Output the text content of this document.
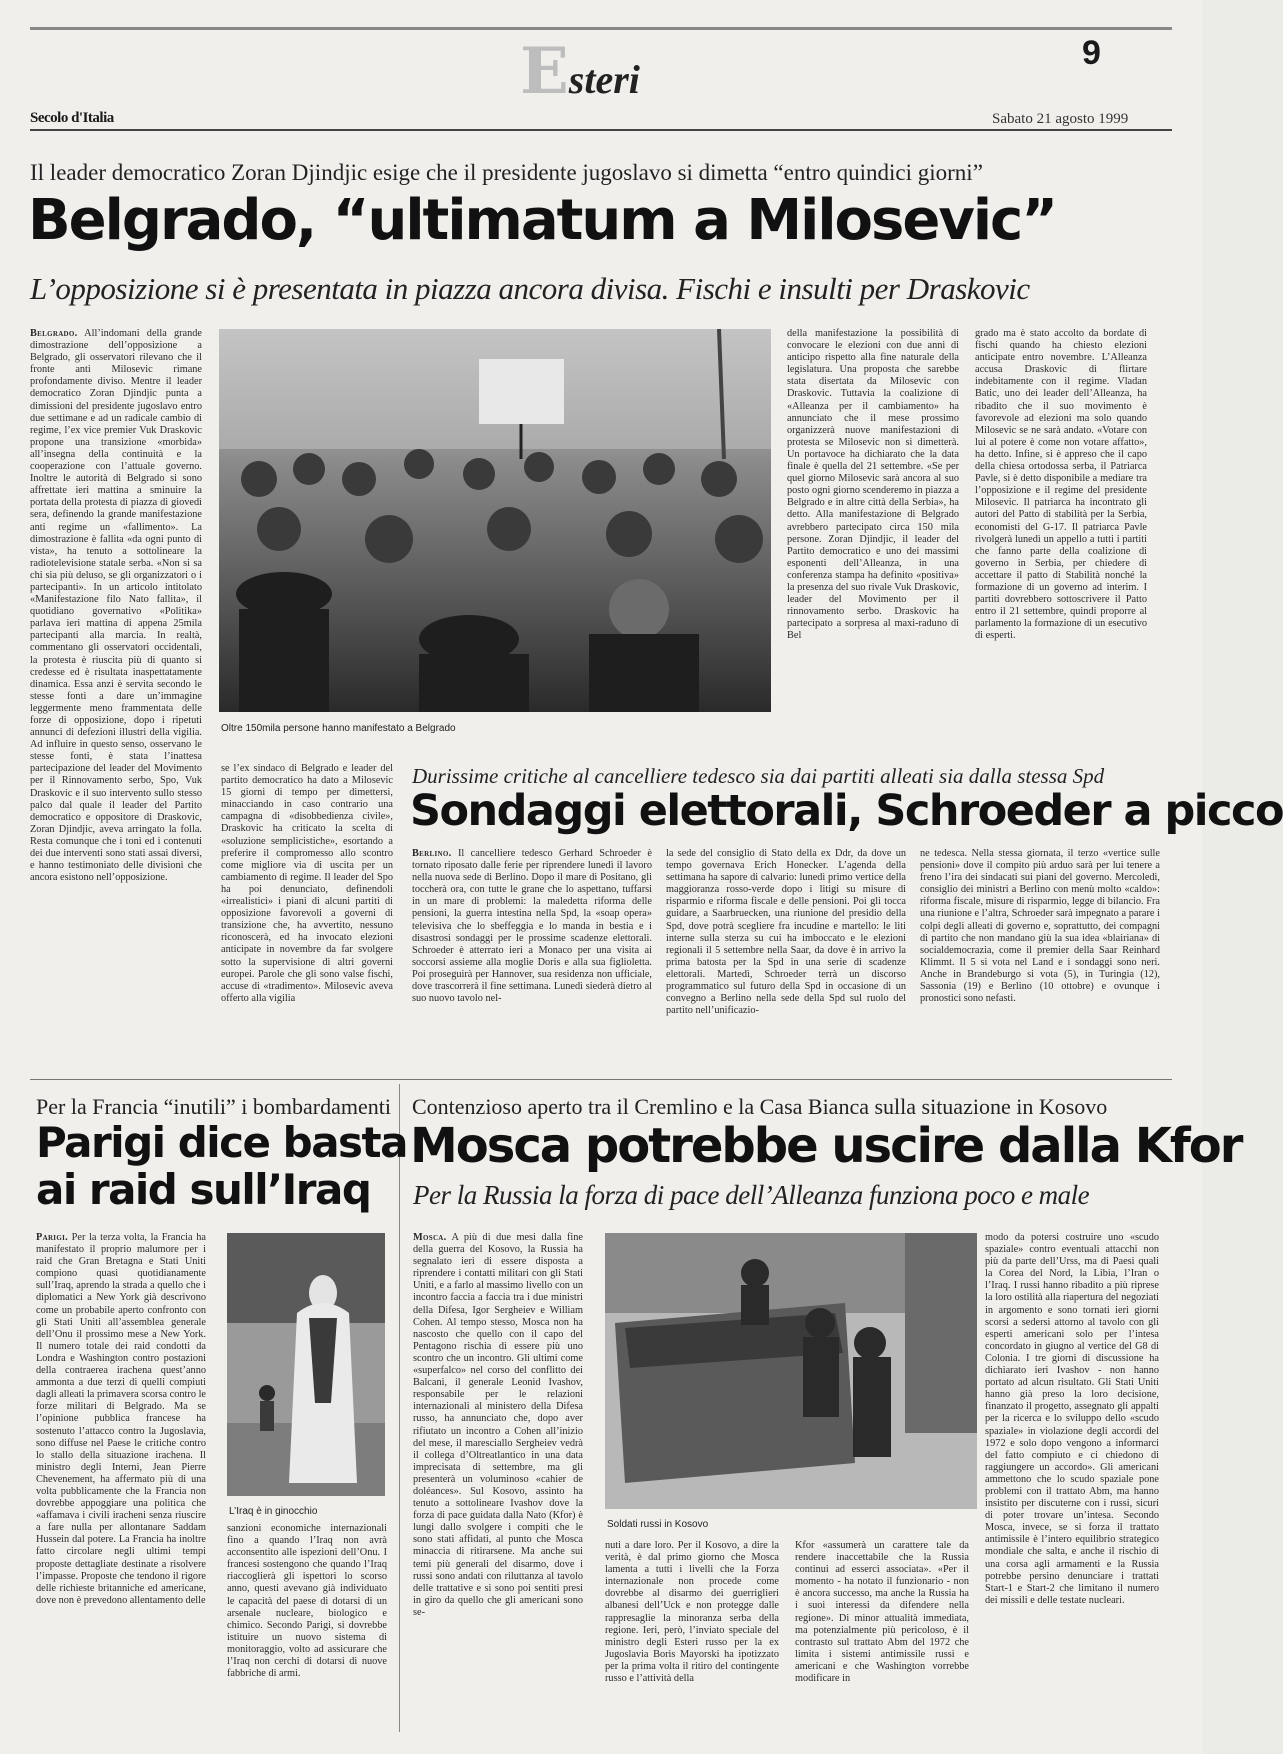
Esteri
9
Secolo d'Italia	Sabato 21 agosto 1999
Il leader democratico Zoran Djindjic esige che il presidente jugoslavo si dimetta “entro quindici giorni”
Belgrado, “ultimatum a Milosevic”
L’opposizione si è presentata in piazza ancora divisa. Fischi e insulti per Draskovic

Belgrado. All’indomani della grande dimostrazione dell’opposizione a Belgrado, gli osservatori rilevano che il fronte anti Milosevic rimane profondamente diviso. Mentre il leader democratico Zoran Djindjic punta a dimissioni del presidente jugoslavo entro due settimane e ad un radicale cambio di regime, l’ex vice premier Vuk Draskovic propone una transizione «morbida» all’insegna della continuità e la cooperazione con l’attuale governo. Inoltre le autorità di Belgrado si sono affrettate ieri mattina a sminuire la portata della protesta di piazza di giovedì sera, definendo la grande manifestazione anti regime un «fallimento». La dimostrazione è fallita «da ogni punto di vista», ha tenuto a sottolineare la radiotelevisione statale serba. «Non si sa chi sia più deluso, se gli organizzatori o i partecipanti». In un articolo intitolato «Manifestazione filo Nato fallita», il quotidiano governativo «Politika» parlava ieri mattina di appena 25mila partecipanti alla marcia. In realtà, commentano gli osservatori occidentali, la protesta è riuscita più di quanto si credesse ed è risultata inaspettatamente dinamica. Essa anzi è servita secondo le stesse fonti a dare un’immagine leggermente meno frammentata delle forze di opposizione, dopo i ripetuti annunci di defezioni illustri della vigilia. Ad influire in questo senso, osservano le stesse fonti, è stata l’inattesa partecipazione del leader del Movimento per il Rinnovamento serbo, Spo, Vuk Draskovic e il suo intervento sullo stesso palco dal quale il leader del Partito democratico e oppositore di Draskovic, Zoran Djindjic, aveva arringato la folla. Resta comunque che i toni ed i contenuti dei due interventi sono stati assai diversi, e hanno testimoniato delle divisioni che ancora esistono nell’opposizione.

Oltre 150mila persone hanno manifestato a Belgrado
della manifestazione la possibilità di convocare le elezioni con due anni di anticipo rispetto alla fine naturale della legislatura. Una proposta che sarebbe stata disertata da Milosevic con Draskovic. Tuttavia la coalizione di «Alleanza per il cambiamento» ha annunciato che il mese prossimo organizzerà nuove manifestazioni di protesta se Milosevic non si dimetterà. Un portavoce ha dichiarato che la data finale è quella del 21 settembre. «Se per quel giorno Milosevic sarà ancora al suo posto ogni giorno scenderemo in piazza a Belgrado e in altre città della Serbia», ha detto. Alla manifestazione di Belgrado avrebbero partecipato circa 150 mila persone. Zoran Djindjic, il leader del Partito democratico e uno dei massimi esponenti dell’Alleanza, in una conferenza stampa ha definito «positiva» la presenza del suo rivale Vuk Draskovic, leader del Movimento per il rinnovamento serbo. Draskovic ha partecipato a sorpresa al maxi-raduno di Bel
grado ma è stato accolto da bordate di fischi quando ha chiesto elezioni anticipate entro novembre. L’Alleanza accusa Draskovic di flirtare indebitamente con il regime. Vladan Batic, uno dei leader dell’Alleanza, ha ribadito che il suo movimento è favorevole ad elezioni ma solo quando Milosevic se ne sarà andato. «Votare con lui al potere è come non votare affatto», ha detto. Infine, si è appreso che il capo della chiesa ortodossa serba, il Patriarca Pavle, si è detto disponibile a mediare tra l’opposizione e il regime del presidente Milosevic. Il patriarca ha incontrato gli autori del Patto di stabilità per la Serbia, economisti del G-17. Il patriarca Pavle rivolgerà lunedì un appello a tutti i partiti che fanno parte della coalizione di governo in Serbia, per chiedere di accettare il patto di Stabilità nonché la formazione di un governo ad interim. I partiti dovrebbero sottoscrivere il Patto entro il 21 settembre, quindi proporre al parlamento la formazione di un esecutivo di esperti.
se l’ex sindaco di Belgrado e leader del partito democratico ha dato a Milosevic 15 giorni di tempo per dimettersi, minacciando in caso contrario una campagna di «disobbedienza civile», Draskovic ha criticato la scelta di «soluzione semplicistiche», esortando a preferire il compromesso allo scontro come migliore via di uscita per un cambiamento di regime. Il leader del Spo ha poi denunciato, definendoli «irrealistici» i piani di alcuni partiti di opposizione favorevoli a governi di transizione che, ha avvertito, nessuno riconoscerà, ed ha invocato elezioni anticipate in novembre da far svolgere sotto la supervisione di altri governi europei. Parole che gli sono valse fischi, accuse di «tradimento». Milosevic aveva offerto alla vigilia
Durissime critiche al cancelliere tedesco sia dai partiti alleati sia dalla stessa Spd
Sondaggi elettorali, Schroeder a picco

Berlino. Il cancelliere tedesco Gerhard Schroeder è tornato riposato dalle ferie per riprendere lunedì il lavoro nella nuova sede di Berlino. Dopo il mare di Positano, gli toccherà ora, con tutte le grane che lo aspettano, tuffarsi in un mare di problemi: la maledetta riforma delle pensioni, la guerra intestina nella Spd, la «soap opera» televisiva che lo sbeffeggia e lo manda in bestia e i disastrosi sondaggi per le prossime scadenze elettorali. Schroeder è atterrato ieri a Monaco per una visita ai soccorsi assieme alla moglie Doris e alla sua figlioletta. Poi proseguirà per Hannover, sua residenza non ufficiale, dove trascorrerà il fine settimana. Lunedì siederà dietro al suo nuovo tavolo nel-

la sede del consiglio di Stato della ex Ddr, da dove un tempo governava Erich Honecker. L’agenda della settimana ha sapore di calvario: lunedì primo vertice della maggioranza rosso-verde dopo i litigi su misure di risparmio e riforma fiscale e delle pensioni. Poi gli tocca guidare, a Saarbruecken, una riunione del presidio della Spd, dove potrà scegliere fra incudine e martello: le liti interne sulla sterza su cui ha imboccato e le elezioni regionali il 5 settembre nella Saar, da dove è in arrivo la prima batosta per la Spd in una serie di scadenze elettorali. Martedì, Schroeder terrà un discorso programmatico sul futuro della Spd in occasione di un convegno a Berlino nella sede della Spd sul ruolo del partito nell’unificazio-
ne tedesca. Nella stessa giornata, il terzo «vertice sulle pensioni» dove il compito più arduo sarà per lui tenere a freno l’ira dei sindacati sui piani del governo. Mercoledì, consiglio dei ministri a Berlino con menù molto «caldo»: riforma fiscale, misure di risparmio, legge di bilancio. Fra una riunione e l’altra, Schroeder sarà impegnato a parare i colpi degli alleati di governo e, soprattutto, dei compagni di partito che non mandano giù la sua idea «blairiana» di socialdemocrazia, come il premier della Saar Reinhard Klimmt. Il 5 si vota nel Land e i sondaggi sono neri. Anche in Brandeburgo si vota (5), in Turingia (12), Sassonia (19) e Berlino (10 ottobre) e ovunque i pronostici sono nefasti.
Per la Francia “inutili” i bombardamenti
Parigi dice basta
ai raid sull’Iraq

Parigi. Per la terza volta, la Francia ha manifestato il proprio malumore per i raid che Gran Bretagna e Stati Uniti compiono quasi quotidianamente sull’Iraq, aprendo la strada a quello che i diplomatici a New York già descrivono come un probabile aperto confronto con gli Stati Uniti all’assemblea generale dell’Onu il prossimo mese a New York. Il numero totale dei raid condotti da Londra e Washington contro postazioni della contraerea irachena quest’anno ammonta a due terzi di quelli compiuti dagli alleati la primavera scorsa contro le forze militari di Belgrado. Ma se l’opinione pubblica francese ha sostenuto l’attacco contro la Jugoslavia, sono diffuse nel Paese le critiche contro lo stallo della situazione irachena. Il ministro degli Interni, Jean Pierre Chevenement, ha affermato più di una volta pubblicamente che la Francia non dovrebbe appoggiare una politica che «affamava i civili iracheni senza riuscire a fare nulla per allontanare Saddam Hussein dal potere. La Francia ha inoltre fatto circolare negli ultimi tempi proposte dettagliate destinate a risolvere l’impasse. Proposte che tendono il rigore delle richieste britanniche ed americane, dove non è prevedono allentamento delle

L’Iraq è in ginocchio
sanzioni economiche internazionali fino a quando l’Iraq non avrà acconsentito alle ispezioni dell’Onu. I francesi sostengono che quando l’Iraq riaccoglierà gli ispettori lo scorso anno, questi avevano già individuato le capacità del paese di dotarsi di un arsenale nucleare, biologico e chimico. Secondo Parigi, si dovrebbe istituire un nuovo sistema di monitoraggio, volto ad assicurare che l’Iraq non cerchi di dotarsi di nuove fabbriche di armi.
Contenzioso aperto tra il Cremlino e la Casa Bianca sulla situazione in Kosovo
Mosca potrebbe uscire dalla Kfor
Per la Russia la forza di pace dell’Alleanza funziona poco e male

Mosca. A più di due mesi dalla fine della guerra del Kosovo, la Russia ha segnalato ieri di essere disposta a riprendere i contatti militari con gli Stati Uniti, e a farlo al massimo livello con un incontro faccia a faccia tra i due ministri della Difesa, Igor Sergheiev e William Cohen. Al tempo stesso, Mosca non ha nascosto che quello con il capo del Pentagono rischia di essere più uno scontro che un incontro. Gli ultimi come «superfalco» nel corso del conflitto dei Balcani, il generale Leonid Ivashov, responsabile per le relazioni internazionali al ministero della Difesa russo, ha annunciato che, dopo aver rifiutato un incontro a Cohen all’inizio del mese, il maresciallo Sergheiev vedrà il collega d’Oltreatlantico in una data imprecisata di settembre, ma gli presenterà un voluminoso «cahier de doléances». Sul Kosovo, assinto ha tenuto a sottolineare Ivashov dove la forza di pace guidata dalla Nato (Kfor) è lungi dallo svolgere i compiti che le sono stati affidati, al punto che Mosca minaccia di ritirarsene. Ma anche sui temi più generali del disarmo, dove i russi sono andati con riluttanza al tavolo delle trattative e si sono poi sentiti presi in giro da quello che gli americani sono se-

Soldati russi in Kosovo
nuti a dare loro. Per il Kosovo, a dire la verità, è dal primo giorno che Mosca lamenta a tutti i livelli che la Forza internazionale non procede come dovrebbe al disarmo dei guerriglieri albanesi dell’Uck e non protegge dalle rappresaglie la minoranza serba della regione. Ieri, però, l’inviato speciale del ministro degli Esteri russo per la ex Jugoslavia Boris Mayorski ha ipotizzato per la prima volta il ritiro del contingente russo e l’attività della
Kfor «assumerà un carattere tale da rendere inaccettabile che la Russia continui ad esserci associata». «Per il momento - ha notato il funzionario - non è ancora successo, ma anche la Russia ha i suoi interessi da difendere nella regione». Di minor attualità immediata, ma potenzialmente più pericoloso, è il contrasto sul trattato Abm del 1972 che limita i sistemi antimissile russi e americani e che Washington vorrebbe modificare in
modo da potersi costruire uno «scudo spaziale» contro eventuali attacchi non più da parte dell’Urss, ma di Paesi quali la Corea del Nord, la Libia, l’Iran o l’Iraq. I russi hanno ribadito a più riprese la loro ostilità alla riapertura del negoziati in argomento e sono tornati ieri giorni scorsi a sedersi attorno al tavolo con gli esperti americani solo per l’intesa concordato in giugno al vertice del G8 di Colonia. I tre giorni di discussione ha dichiarato ieri Ivashov - non hanno portato ad alcun risultato. Gli Stati Uniti hanno già preso la loro decisione, finanzato il progetto, assegnato gli appalti per la ricerca e lo sviluppo dello «scudo spaziale» in violazione degli accordi del 1972 e solo dopo vengono a informarci del fatto compiuto e ci chiedono di raggiungere un accordo». Gli americani ammettono che lo scudo spaziale pone problemi con il trattato Abm, ma hanno insistito per discuterne con i russi, sicuri di poter trovare un’intesa. Secondo Mosca, invece, se si forza il trattato antimissile è l’intero equilibrio strategico mondiale che salta, e anche il rischio di una corsa agli armamenti e la Russia potrebbe persino denunciare i trattati Start-1 e Start-2 che limitano il numero dei missili e delle testate nucleari.
